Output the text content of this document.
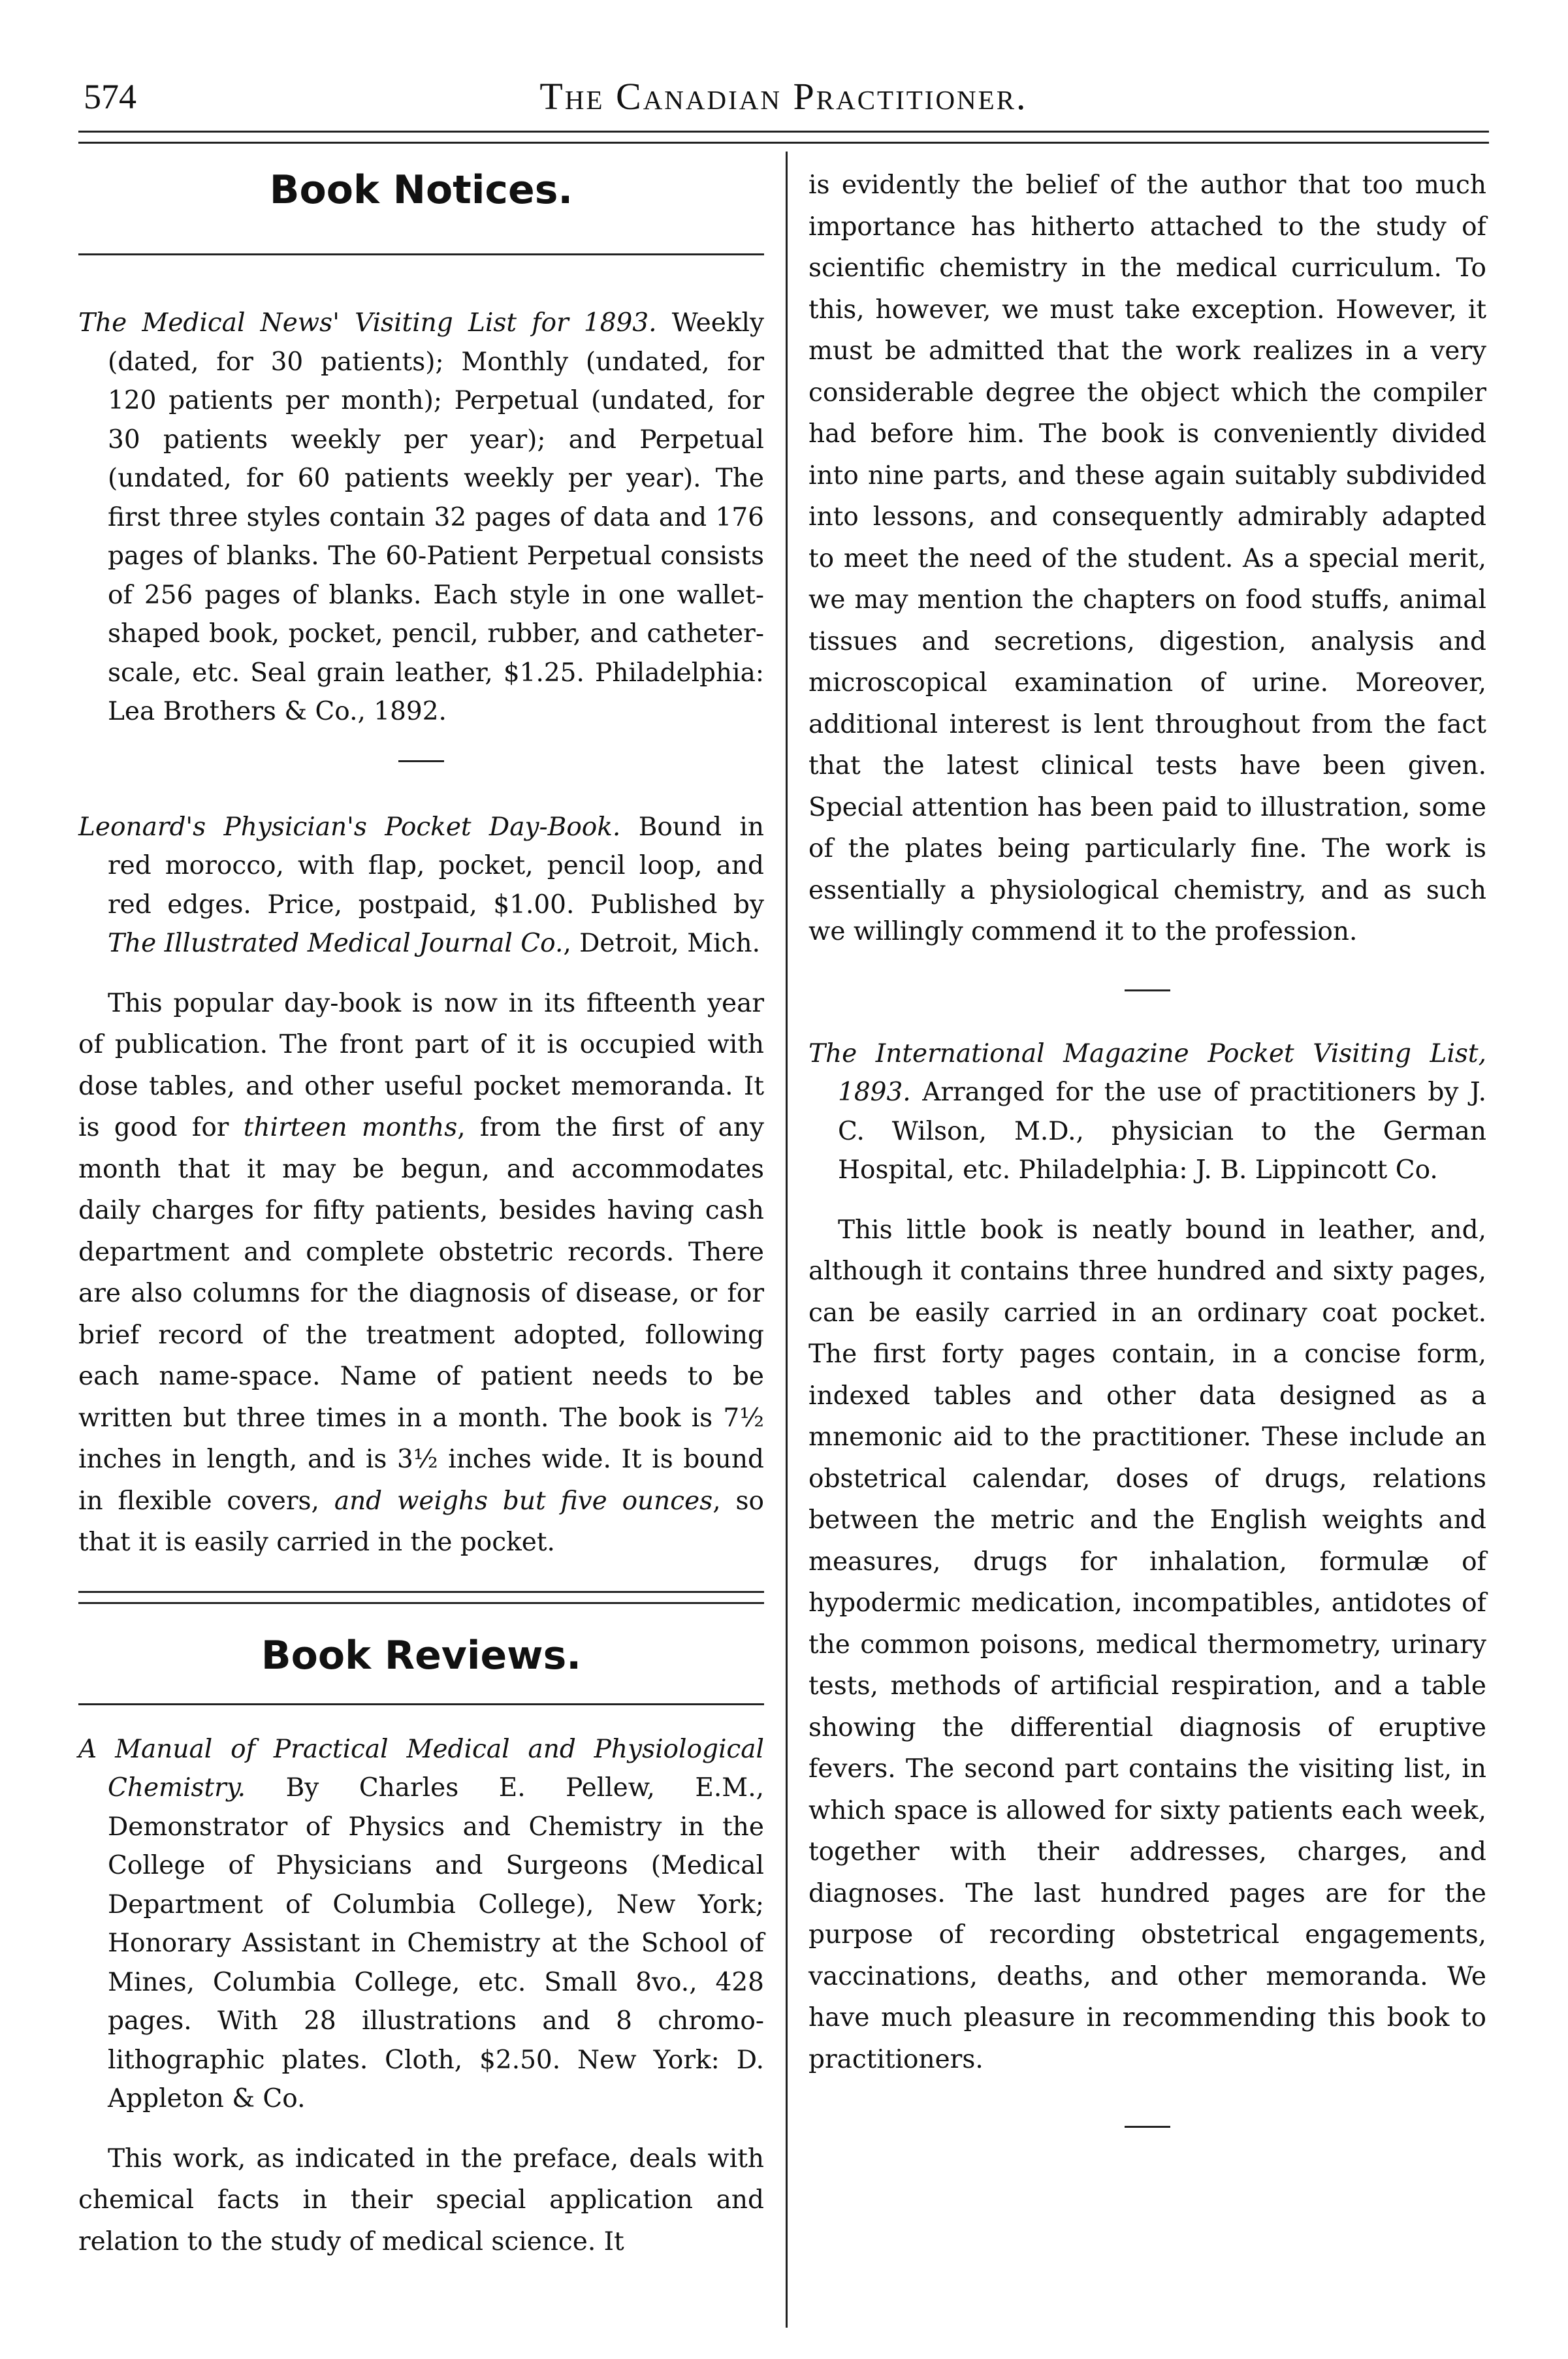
574	The Canadian Practitioner.
Book Notices.

The Medical News' Visiting List for 1893. Weekly (dated, for 30 patients); Monthly (undated, for 120 patients per month); Perpetual (undated, for 30 patients weekly per year); and Perpetual (undated, for 60 patients weekly per year). The first three styles contain 32 pages of data and 176 pages of blanks. The 60-Patient Perpetual consists of 256 pages of blanks. Each style in one wallet-shaped book, pocket, pencil, rubber, and catheter-scale, etc. Seal grain leather, $1.25. Philadelphia: Lea Brothers & Co., 1892.

Leonard's Physician's Pocket Day-Book. Bound in red morocco, with flap, pocket, pencil loop, and red edges. Price, postpaid, $1.00. Published by The Illustrated Medical Journal Co., Detroit, Mich.

This popular day-book is now in its fifteenth year of publication. The front part of it is occupied with dose tables, and other useful pocket memoranda. It is good for thirteen months, from the first of any month that it may be begun, and accommodates daily charges for fifty patients, besides having cash department and complete obstetric records. There are also columns for the diagnosis of disease, or for brief record of the treatment adopted, following each name-space. Name of patient needs to be written but three times in a month. The book is 7½ inches in length, and is 3½ inches wide. It is bound in flexible covers, and weighs but five ounces, so that it is easily carried in the pocket.

Book Reviews.

A Manual of Practical Medical and Physiological Chemistry. By Charles E. Pellew, E.M., Demonstrator of Physics and Chemistry in the College of Physicians and Surgeons (Medical Department of Columbia College), New York; Honorary Assistant in Chemistry at the School of Mines, Columbia College, etc. Small 8vo., 428 pages. With 28 illustrations and 8 chromo-lithographic plates. Cloth, $2.50. New York: D. Appleton & Co.

This work, as indicated in the preface, deals with chemical facts in their special application and relation to the study of medical science. It

is evidently the belief of the author that too much importance has hitherto attached to the study of scientific chemistry in the medical curriculum. To this, however, we must take exception. However, it must be admitted that the work realizes in a very considerable degree the object which the compiler had before him. The book is conveniently divided into nine parts, and these again suitably subdivided into lessons, and consequently admirably adapted to meet the need of the student. As a special merit, we may mention the chapters on food stuffs, animal tissues and secretions, digestion, analysis and microscopical examination of urine. Moreover, additional interest is lent throughout from the fact that the latest clinical tests have been given. Special attention has been paid to illustration, some of the plates being particularly fine. The work is essentially a physiological chemistry, and as such we willingly commend it to the profession.

The International Magazine Pocket Visiting List, 1893. Arranged for the use of practitioners by J. C. Wilson, M.D., physician to the German Hospital, etc. Philadelphia: J. B. Lippincott Co.

This little book is neatly bound in leather, and, although it contains three hundred and sixty pages, can be easily carried in an ordinary coat pocket. The first forty pages contain, in a concise form, indexed tables and other data designed as a mnemonic aid to the practitioner. These include an obstetrical calendar, doses of drugs, relations between the metric and the English weights and measures, drugs for inhalation, formulæ of hypodermic medication, incompatibles, antidotes of the common poisons, medical thermometry, urinary tests, methods of artificial respiration, and a table showing the differential diagnosis of eruptive fevers. The second part contains the visiting list, in which space is allowed for sixty patients each week, together with their addresses, charges, and diagnoses. The last hundred pages are for the purpose of recording obstetrical engagements, vaccinations, deaths, and other memoranda. We have much pleasure in recommending this book to practitioners.
